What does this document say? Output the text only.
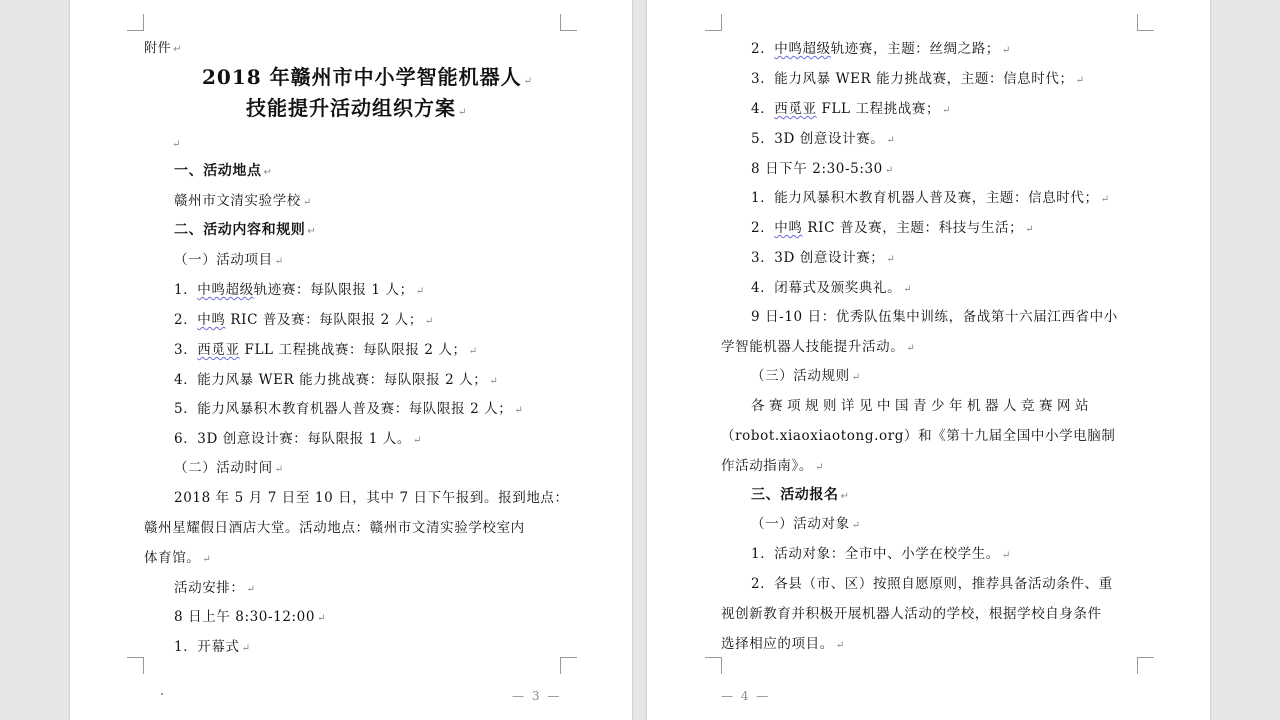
附件 ↵
2018 年赣州市中小学智能机器人 ↵
技能提升活动组织方案 ↵
↵
一、活动地点 ↵
赣州市文清实验学校 ↵
二、活动内容和规则 ↵
（一）活动项目 ↵
1．中鸣超级轨迹赛：每队限报 1 人； ↵
2．中鸣 RIC 普及赛：每队限报 2 人； ↵
3．西觅亚 FLL 工程挑战赛：每队限报 2 人； ↵
4．能力风暴 WER 能力挑战赛：每队限报 2 人； ↵
5．能力风暴积木教育机器人普及赛：每队限报 2 人； ↵
6．3D 创意设计赛：每队限报 1 人。 ↵
（二）活动时间 ↵
2018 年 5 月 7 日至 10 日，其中 7 日下午报到。报到地点：
赣州星耀假日酒店大堂。活动地点：赣州市文清实验学校室内
体育馆。 ↵
活动安排： ↵
8 日上午 8:30-12:00 ↵
1．开幕式 ↵
— 3 —
2．中鸣超级轨迹赛，主题：丝绸之路； ↵
3．能力风暴 WER 能力挑战赛，主题：信息时代； ↵
4．西觅亚 FLL 工程挑战赛； ↵
5．3D 创意设计赛。 ↵
8 日下午 2:30-5:30 ↵
1．能力风暴积木教育机器人普及赛，主题：信息时代； ↵
2．中鸣 RIC 普及赛，主题：科技与生活； ↵
3．3D 创意设计赛； ↵
4．闭幕式及颁奖典礼。 ↵
9 日-10 日：优秀队伍集中训练，备战第十六届江西省中小
学智能机器人技能提升活动。 ↵
（三）活动规则 ↵
各赛项规则详见中国青少年机器人竞赛网站
（robot.xiaoxiaotong.org）和《第十九届全国中小学电脑制
作活动指南》。 ↵
三、活动报名 ↵
（一）活动对象 ↵
1．活动对象：全市中、小学在校学生。 ↵
2．各县（市、区）按照自愿原则，推荐具备活动条件、重
视创新教育并积极开展机器人活动的学校，根据学校自身条件
选择相应的项目。 ↵
— 4 —
